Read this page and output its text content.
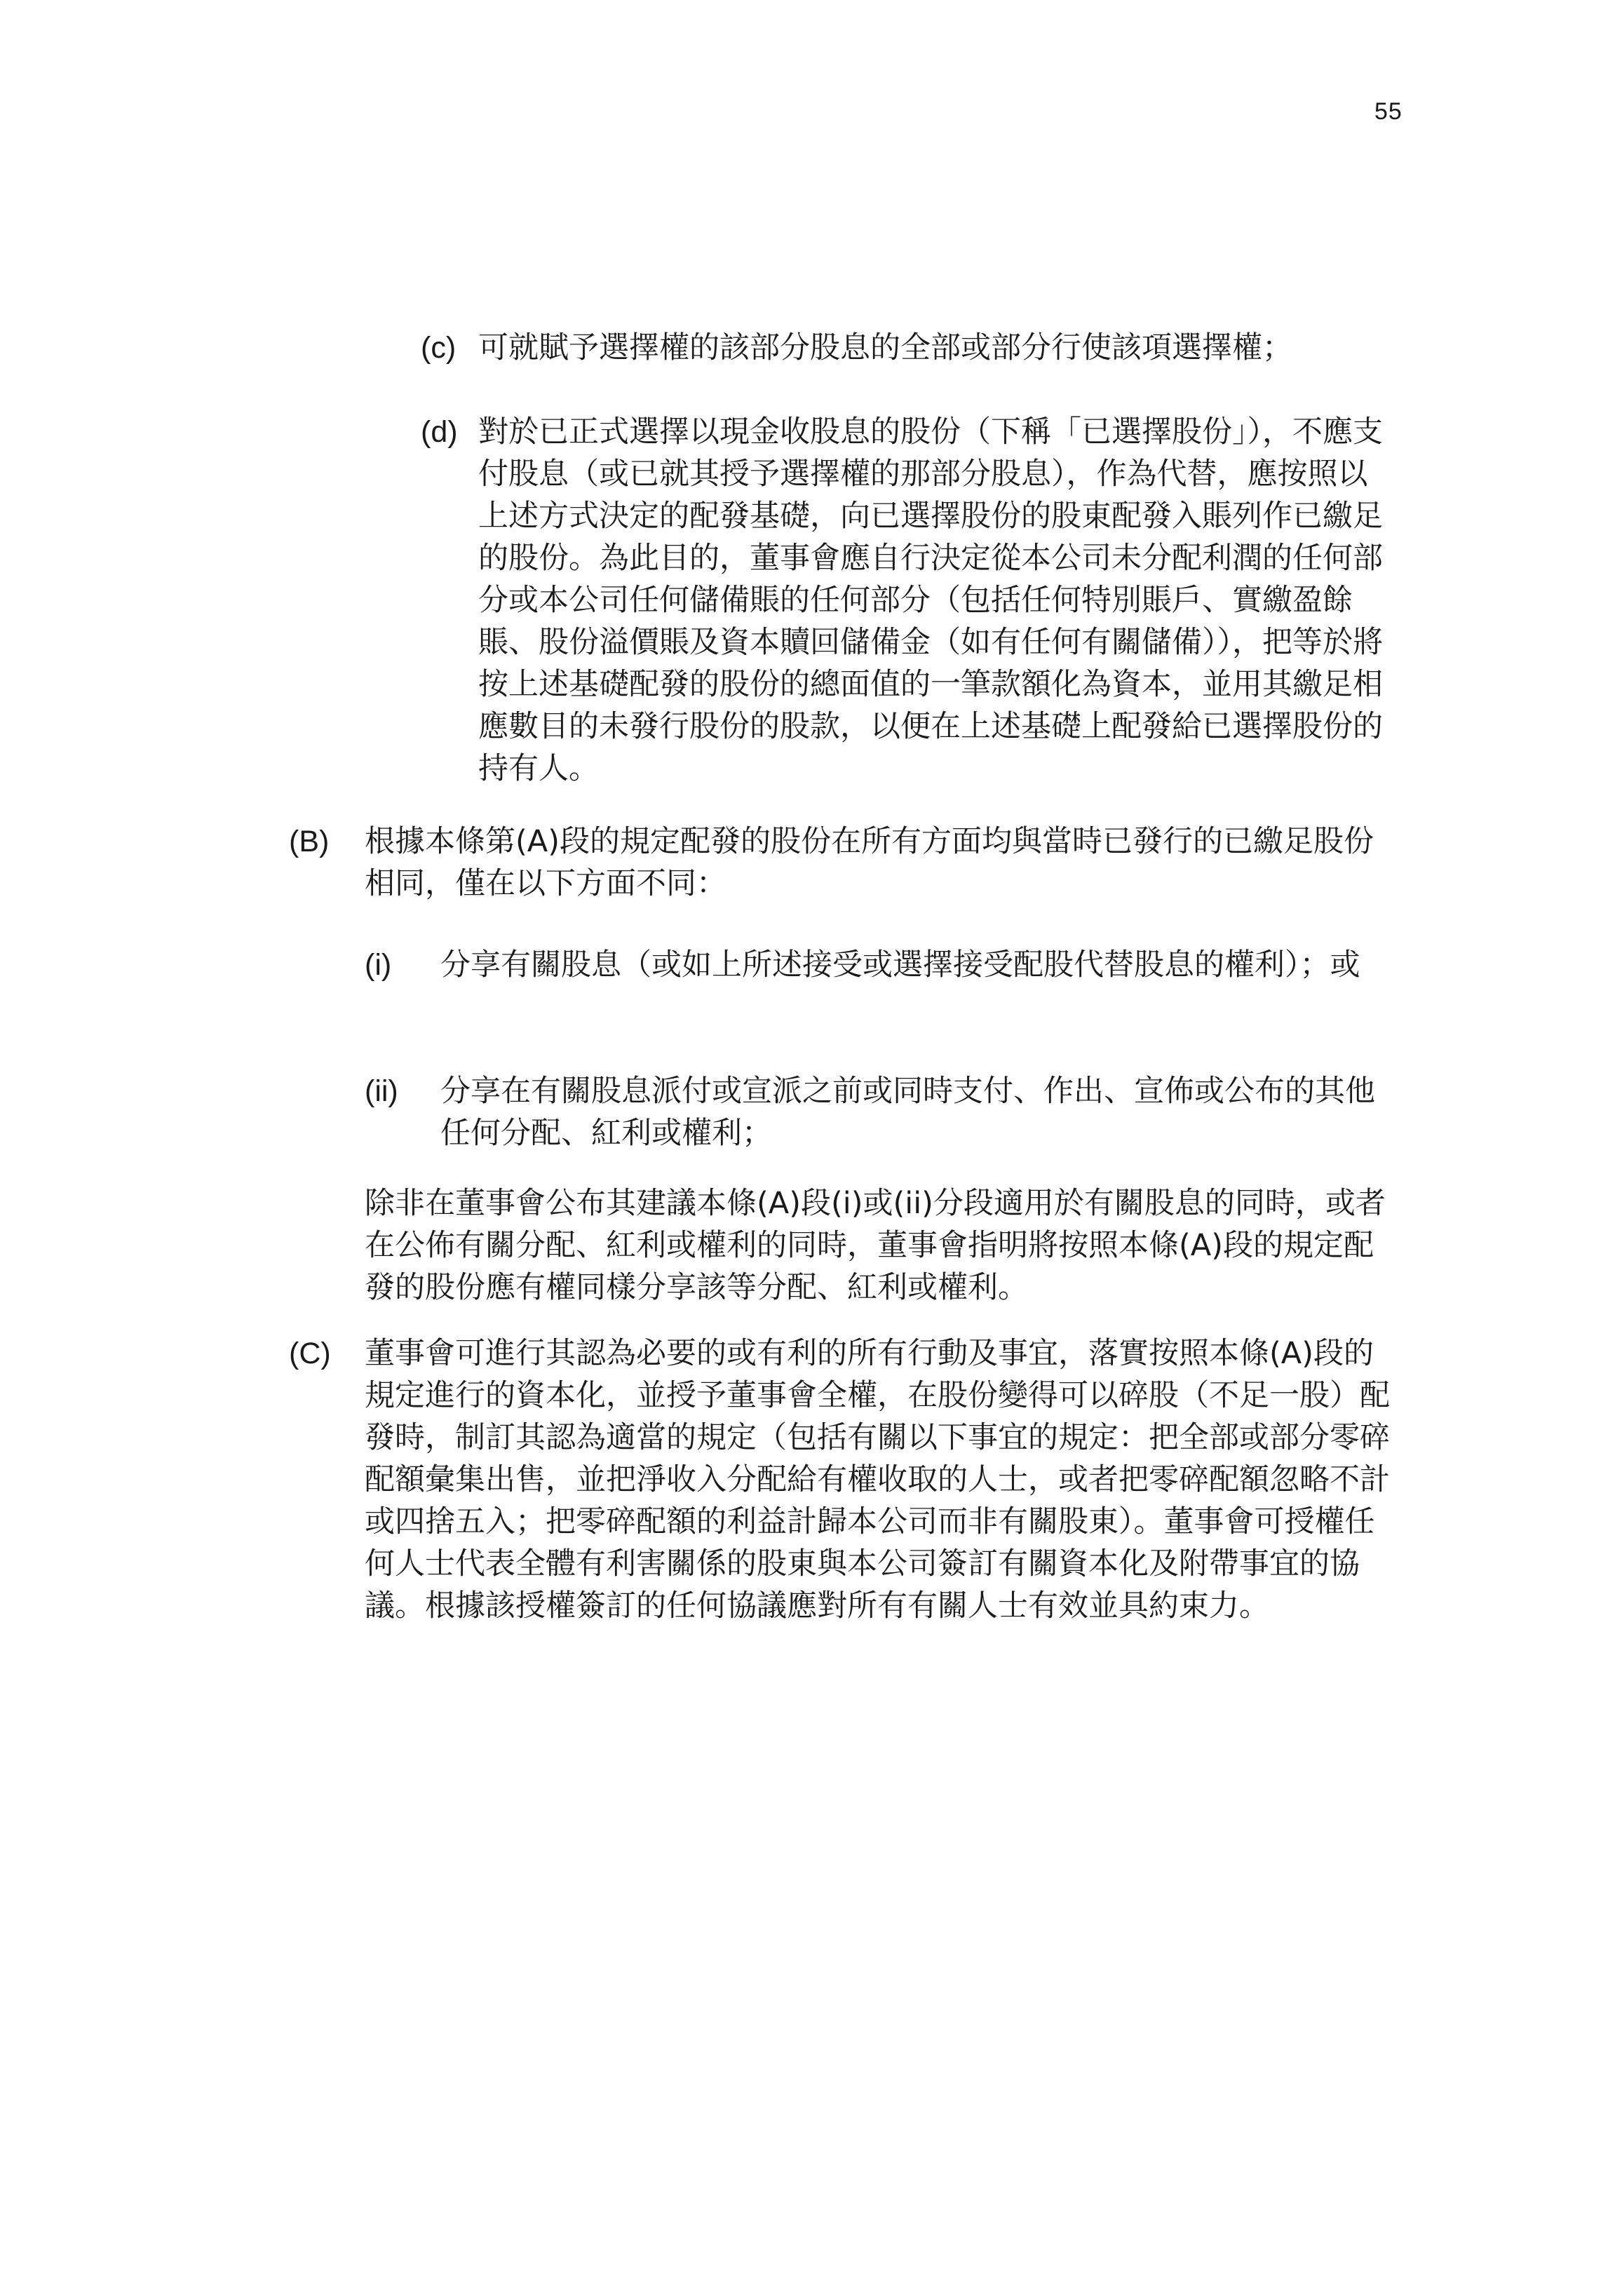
55
(c) 可就賦予選擇權的該部分股息的全部或部分行使該項選擇權；
(d) 對於已正式選擇以現金收股息的股份（下稱「已選擇股份」），不應支付股息（或已就其授予選擇權的那部分股息），作為代替，應按照以上述方式決定的配發基礎，向已選擇股份的股東配發入賬列作已繳足的股份。為此目的，董事會應自行決定從本公司未分配利潤的任何部分或本公司任何儲備賬的任何部分（包括任何特別賬戶、實繳盈餘賬、股份溢價賬及資本贖回儲備金（如有任何有關儲備）），把等於將按上述基礎配發的股份的總面值的一筆款額化為資本，並用其繳足相應數目的未發行股份的股款，以便在上述基礎上配發給已選擇股份的持有人。
(B) 根據本條第(A)段的規定配發的股份在所有方面均與當時已發行的已繳足股份相同，僅在以下方面不同：
(i) 分享有關股息（或如上所述接受或選擇接受配股代替股息的權利）；或
(ii) 分享在有關股息派付或宣派之前或同時支付、作出、宣佈或公布的其他任何分配、紅利或權利；
除非在董事會公布其建議本條(A)段(i)或(ii)分段適用於有關股息的同時，或者在公佈有關分配、紅利或權利的同時，董事會指明將按照本條(A)段的規定配發的股份應有權同樣分享該等分配、紅利或權利。
(C) 董事會可進行其認為必要的或有利的所有行動及事宜，落實按照本條(A)段的規定進行的資本化，並授予董事會全權，在股份變得可以碎股（不足一股）配發時，制訂其認為適當的規定（包括有關以下事宜的規定：把全部或部分零碎配額彙集出售，並把淨收入分配給有權收取的人士，或者把零碎配額忽略不計或四捨五入；把零碎配額的利益計歸本公司而非有關股東）。董事會可授權任何人士代表全體有利害關係的股東與本公司簽訂有關資本化及附帶事宜的協議。根據該授權簽訂的任何協議應對所有有關人士有效並具約束力。
